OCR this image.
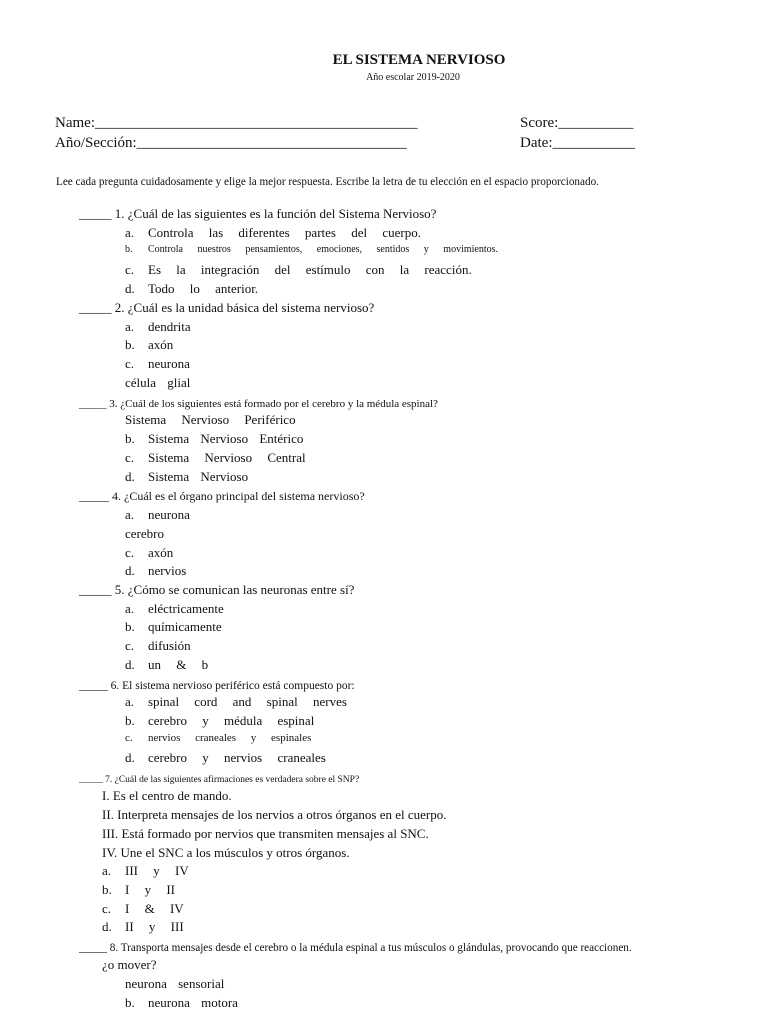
EL SISTEMA NERVIOSO
Año escolar 2019-2020
Name:___________________________________________	Score:__________
Año/Sección:____________________________________	Date:___________
Lee cada pregunta cuidadosamente y elige la mejor respuesta. Escribe la letra de tu elección en el espacio proporcionado.
_____ 1. ¿Cuál de las siguientes es la función del Sistema Nervioso?
a. Controla las diferentes partes del cuerpo.
b. Controla nuestros pensamientos, emociones, sentidos y movimientos.
c. Es la integración del estímulo con la reacción.
d. Todo lo anterior.
_____ 2. ¿Cuál es la unidad básica del sistema nervioso?
a. dendrita
b. axón
c. neurona
célula glial
_____ 3. ¿Cuál de los siguientes está formado por el cerebro y la médula espinal?
Sistema Nervioso Periférico
b. Sistema Nervioso Entérico
c. Sistema Nervioso Central
d. Sistema Nervioso
_____ 4. ¿Cuál es el órgano principal del sistema nervioso?
a. neurona
cerebro
c. axón
d. nervios
_____ 5. ¿Cómo se comunican las neuronas entre sí?
a. eléctricamente
b. químicamente
c. difusión
d. un & b
_____ 6. El sistema nervioso periférico está compuesto por:
a. spinal cord and spinal nerves
b. cerebro y médula espinal
c. nervios craneales y espinales
d. cerebro y nervios craneales
_____ 7. ¿Cuál de las siguientes afirmaciones es verdadera sobre el SNP?
I. Es el centro de mando.
II. Interpreta mensajes de los nervios a otros órganos en el cuerpo.
III. Está formado por nervios que transmiten mensajes al SNC.
IV. Une el SNC a los músculos y otros órganos.
a. III y IV
b. I y II
c. I & IV
d. II y III
_____ 8. Transporta mensajes desde el cerebro o la médula espinal a tus músculos o glándulas, provocando que reaccionen.
¿o mover?
neurona sensorial
b. neurona motora
